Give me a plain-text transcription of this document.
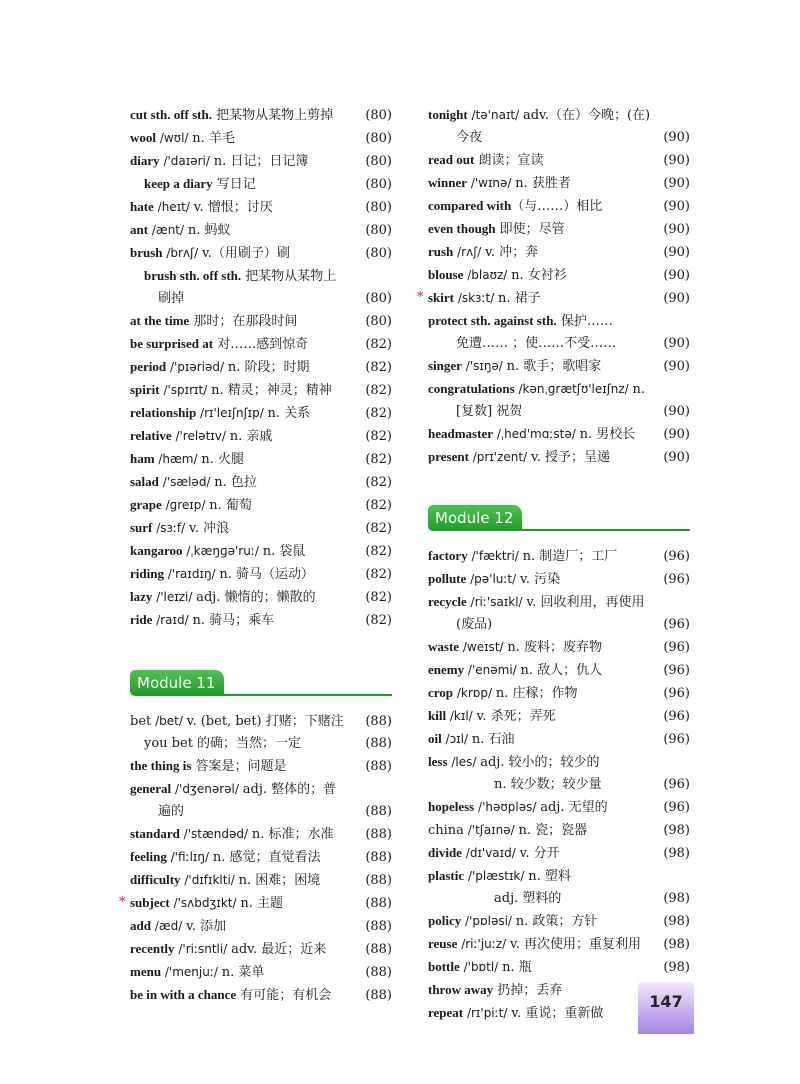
cut sth. off sth. 把某物从某物上剪掉	(80)
wool /wʊl/ n. 羊毛	(80)
diary /'daɪəri/ n. 日记；日记簿	(80)
keep a diary 写日记	(80)
hate /heɪt/ v. 憎恨；讨厌	(80)
ant /ænt/ n. 蚂蚁	(80)
brush /brʌʃ/ v.（用刷子）刷	(80)
brush sth. off sth. 把某物从某物上
刷掉	(80)
at the time 那时；在那段时间	(80)
be surprised at 对……感到惊奇	(82)
period /'pɪəriəd/ n. 阶段；时期	(82)
spirit /'spɪrɪt/ n. 精灵；神灵；精神	(82)
relationship /rɪ'leɪʃnʃɪp/ n. 关系	(82)
relative /'relətɪv/ n. 亲戚	(82)
ham /hæm/ n. 火腿	(82)
salad /'sæləd/ n. 色拉	(82)
grape /ɡreɪp/ n. 葡萄	(82)
surf /sɜːf/ v. 冲浪	(82)
kangaroo /ˌkæŋɡə'ruː/ n. 袋鼠	(82)
riding /'raɪdɪŋ/ n. 骑马（运动）	(82)
lazy /'leɪzi/ adj. 懒惰的；懒散的	(82)
ride /raɪd/ n. 骑马；乘车	(82)
Module 11
bet /bet/ v. (bet, bet) 打赌；下赌注	(88)
you bet 的确；当然；一定	(88)
the thing is 答案是；问题是	(88)
general /'dʒenərəl/ adj. 整体的；普
遍的	(88)
standard /'stændəd/ n. 标准；水准	(88)
feeling /'fiːlɪŋ/ n. 感觉；直觉看法	(88)
difficulty /'dɪfɪklti/ n. 困难；困境	(88)
* subject /'sʌbdʒɪkt/ n. 主题	(88)
add /æd/ v. 添加	(88)
recently /'riːsntli/ adv. 最近；近来	(88)
menu /'menjuː/ n. 菜单	(88)
be in with a chance 有可能；有机会	(88)
tonight /tə'naɪt/ adv.（在）今晚；(在)
今夜	(90)
read out 朗读；宣读	(90)
winner /'wɪnə/ n. 获胜者	(90)
compared with（与……）相比	(90)
even though 即使；尽管	(90)
rush /rʌʃ/ v. 冲；奔	(90)
blouse /blaʊz/ n. 女衬衫	(90)
* skirt /skɜːt/ n. 裙子	(90)
protect sth. against sth. 保护……
免遭…… ；使……不受……	(90)
singer /'sɪŋə/ n. 歌手；歌唱家	(90)
congratulations /kənˌɡrætʃʊ'leɪʃnz/ n.
[复数] 祝贺	(90)
headmaster /ˌhed'mɑːstə/ n. 男校长	(90)
present /prɪ'zent/ v. 授予；呈递	(90)
Module 12
factory /'fæktri/ n. 制造厂；工厂	(96)
pollute /pə'luːt/ v. 污染	(96)
recycle /riː'saɪkl/ v. 回收利用，再使用
(废品)	(96)
waste /weɪst/ n. 废料；废弃物	(96)
enemy /'enəmi/ n. 敌人；仇人	(96)
crop /krɒp/ n. 庄稼；作物	(96)
kill /kɪl/ v. 杀死；弄死	(96)
oil /ɔɪl/ n. 石油	(96)
less /les/ adj. 较小的；较少的
n. 较少数；较少量	(96)
hopeless /'həʊpləs/ adj. 无望的	(96)
china /'tʃaɪnə/ n. 瓷；瓷器	(98)
divide /dɪ'vaɪd/ v. 分开	(98)
plastic /'plæstɪk/ n. 塑料
adj. 塑料的	(98)
policy /'pɒləsi/ n. 政策；方针	(98)
reuse /riː'juːz/ v. 再次使用；重复利用	(98)
bottle /'bɒtl/ n. 瓶	(98)
throw away 扔掉；丢弃
repeat /rɪ'piːt/ v. 重说；重新做
147
